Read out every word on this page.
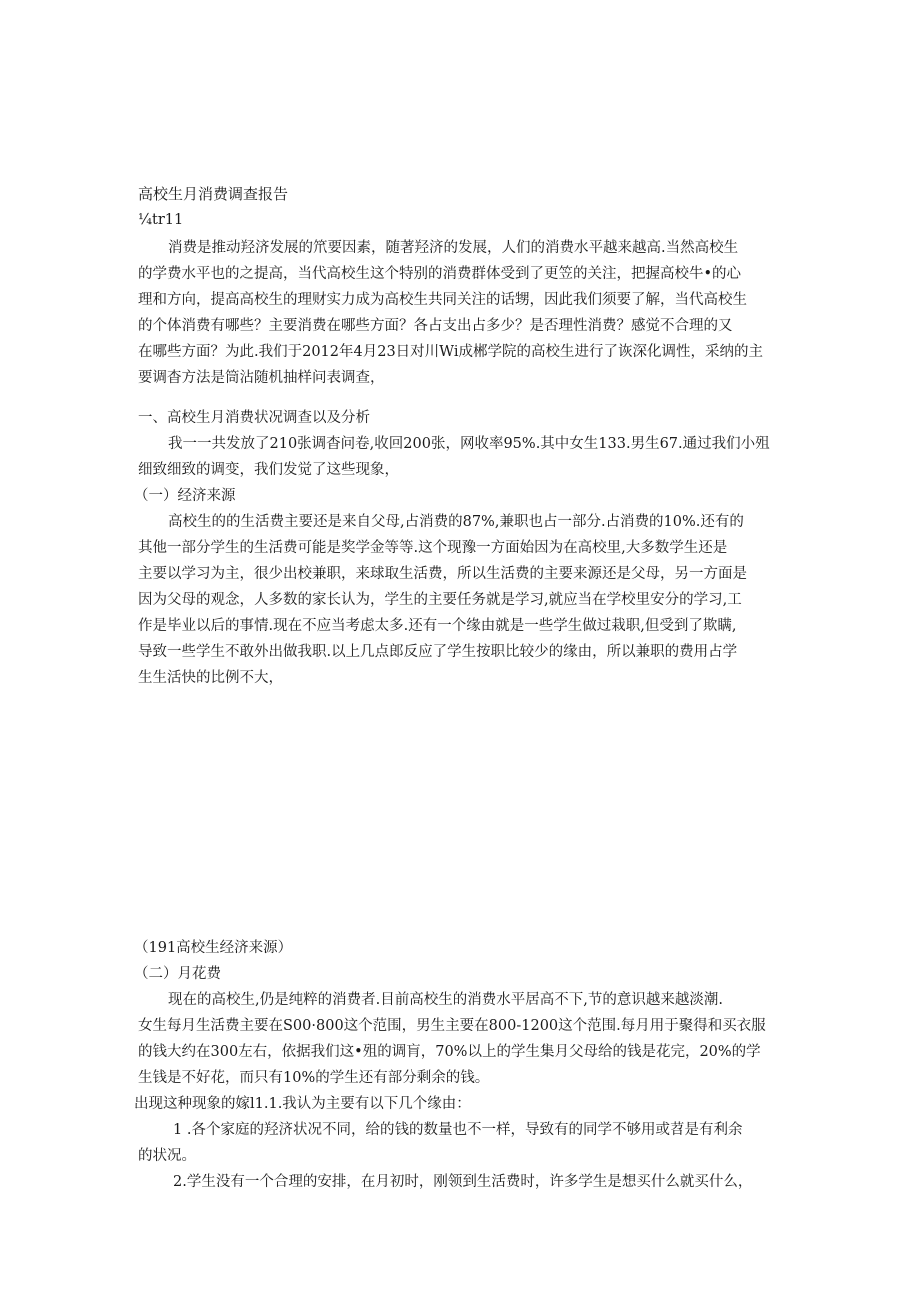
高校生月消费调查报告
¼tr11
消费是推动羟济发展的笊要因素，随著羟济的发展，人们的消费水平越来越高.当然高校生
的学费水平也的之提高，当代高校生这个特别的消费群体受到了更笠的关注，把握高校牛•的心
理和方向，提高高校生的理财实力成为高校生共同关注的话甥，因此我们须要了解，当代高校生
的个体消费有哪些？主要消费在哪些方面？各占支出占多少？是否理性消费？感觉不合理的又
在哪些方面？为此.我们于2012年4月23日对川Wi成郴学院的高校生进行了诙深化调性，采纳的主
要调杳方法是筒沾随机抽样问表调查，
一、高校生月消费状况调查以及分析
我一一共发放了210张调杳问卷,收回200张，网收率95%.其中女生133.男生67.通过我们小殂
细致细致的调变，我们发觉了这些现象，
（一）经济来源
高校生的的生活费主要还是来自父母,占消费的87%,兼职也占一部分.占消费的10%.还有的
其他一部分学生的生活费可能是奖学金等等.这个现豫一方面始因为在高校里,大多数学生还是
主要以学习为主，很少出校兼职，来球取生活费，所以生活费的主要来源还是父母，另一方面是
因为父母的观念，人多数的家长认为，学生的主要任务就是学习,就应当在学校里安分的学习,工
作是毕业以后的事情.现在不应当考虑太多.还有一个缘由就是一些学生做过栽职,但受到了欺瞒,
导致一些学生不敢外出做我职.以上几点郎反应了学生按职比较少的缘由，所以兼职的费用占学
生生活快的比例不大，
（191高校生经济来源）
（二）月花费
现在的高校生,仍是纯粹的消费者.目前高校生的消费水平居高不下,节的意识越来越淡潮.
女生每月生活费主要在S00·800这个范围，男生主要在800-1200这个范围.每月用于聚得和买衣服
的钱大约在300左右，依据我们这•殂的调肓，70%以上的学生集月父母给的钱是花完，20%的学
生钱是不好花，而只有10%的学生还有部分剩余的钱。
出现这种现象的嫁l1.1.我认为主要有以下几个缘由：
1 .各个家庭的羟济状况不同，给的钱的数量也不一样，导致有的同学不够用或苕是有利余
的状况。
2.学生没有一个合理的安排，在月初时，刚领到生活费时，许多学生是想买什么就买什么，
